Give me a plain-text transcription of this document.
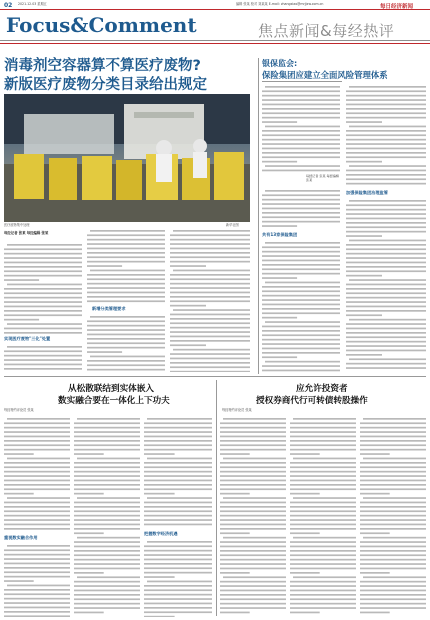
02 2021.12.03 星期五	编辑 张某 校对 刘某某 E-mail: zhangxiao@mrjjxw.com.cn	每日经济新闻
Focus&Comment	焦点新闻&每经热评
消毒剂空容器算不算医疗废物?
新版医疗废物分类目录给出规定
医疗废物集中处理	新华社图
每经记者 张某 每经编辑 张某
实现医疗废物"三化"处置
新增分类管理要求
银保监会:
保险集团应建立全面风险管理体系
每经记者 张某 每经编辑 张某
共有13家保险集团
加强保险集团治理监管
从松散联结到实体嵌入
数实融合要在一体化上下功夫
每经特约评论员 张某
重视数实融合作用
把握数字经济机遇
应允许投资者
授权券商代行可转债转股操作
每经特约评论员 张某
